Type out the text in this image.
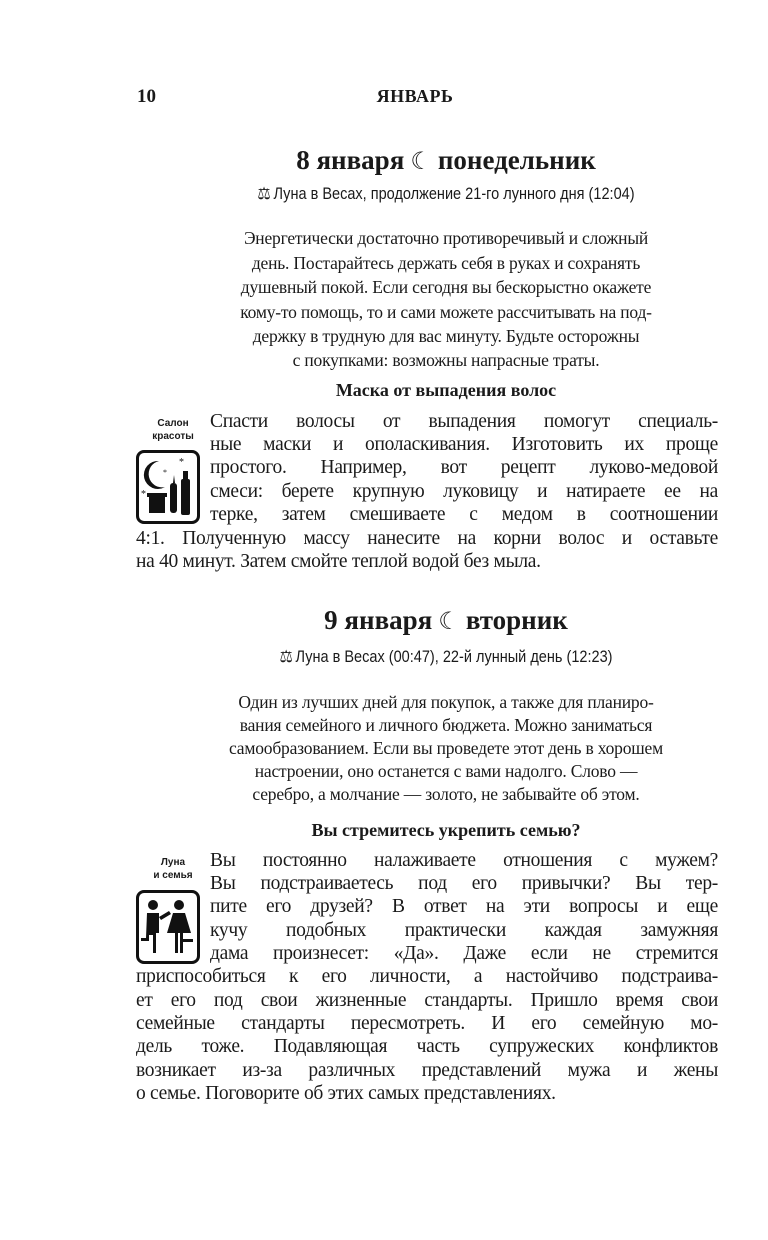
10	ЯНВАРЬ
8 января ☾ понедельник
⚖ Луна в Весах, продолжение 21-го лунного дня (12:04)
Энергетически достаточно противоречивый и сложный
день. Постарайтесь держать себя в руках и сохранять
душевный покой. Если сегодня вы бескорыстно окажете
кому-то помощь, то и сами можете рассчитывать на под-
держку в трудную для вас минуту. Будьте осторожны
с покупками: возможны напрасные траты.
Маска от выпадения волос
Салон
красоты
*
*
*
Спасти волосы от выпадения помогут специаль-
ные маски и ополаскивания. Изготовить их проще
простого. Например, вот рецепт луково-медовой
смеси: берете крупную луковицу и натираете ее на
терке, затем смешиваете с медом в соотношении
4:1. Полученную массу нанесите на корни волос и оставьте
на 40 минут. Затем смойте теплой водой без мыла.
9 января ☾ вторник
⚖ Луна в Весах (00:47), 22-й лунный день (12:23)
Один из лучших дней для покупок, а также для планиро-
вания семейного и личного бюджета. Можно заниматься
самообразованием. Если вы проведете этот день в хорошем
настроении, оно останется с вами надолго. Слово —
серебро, а молчание — золото, не забывайте об этом.
Вы стремитесь укрепить семью?
Луна
и семья
Вы постоянно налаживаете отношения с мужем?
Вы подстраиваетесь под его привычки? Вы тер-
пите его друзей? В ответ на эти вопросы и еще
кучу подобных практически каждая замужняя
дама произнесет: «Да». Даже если не стремится
приспособиться к его личности, а настойчиво подстраива-
ет его под свои жизненные стандарты. Пришло время свои
семейные стандарты пересмотреть. И его семейную мо-
дель тоже. Подавляющая часть супружеских конфликтов
возникает из-за различных представлений мужа и жены
о семье. Поговорите об этих самых представлениях.
